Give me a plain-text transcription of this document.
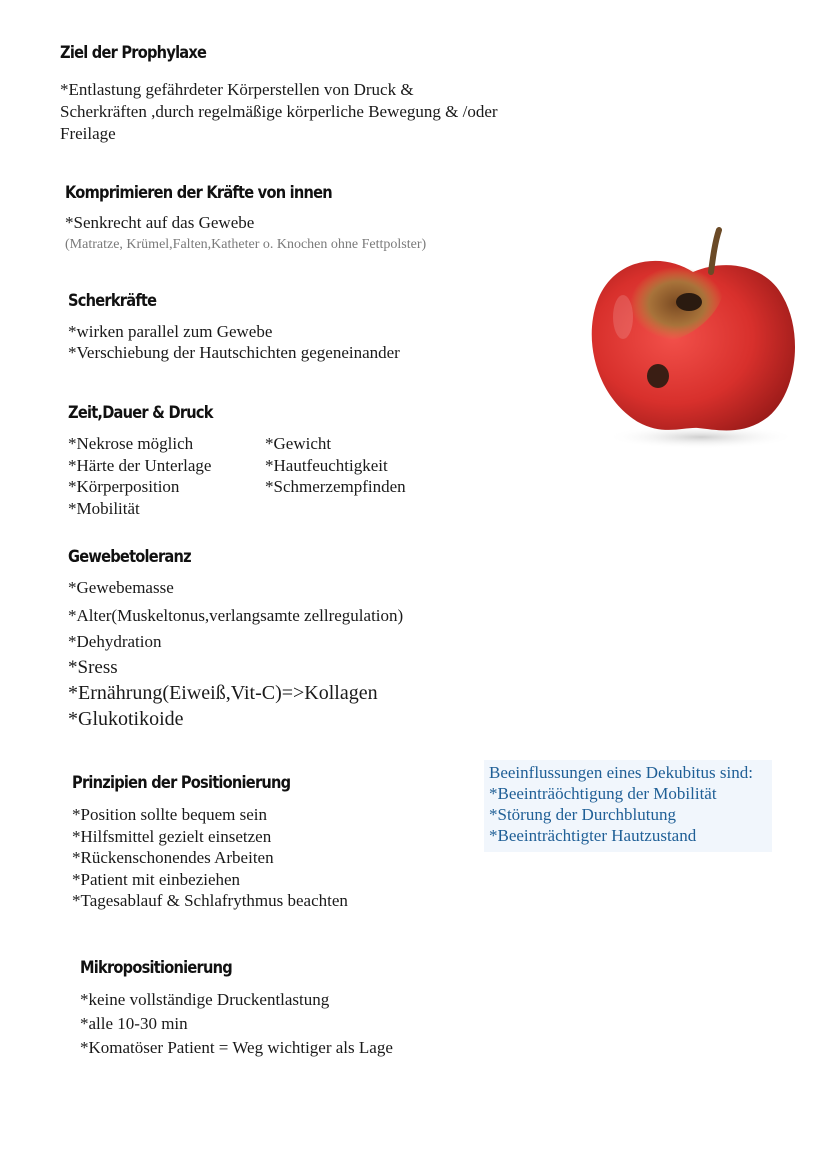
Ziel der Prophylaxe
*Entlastung gefährdeter Körperstellen von Druck &
Scherkräften ,durch regelmäßige körperliche Bewegung & /oder
Freilage
Komprimieren der Kräfte von innen
*Senkrecht auf das Gewebe
(Matratze, Krümel,Falten,Katheter o. Knochen ohne Fettpolster)
Scherkräfte
*wirken parallel zum Gewebe
*Verschiebung der Hautschichten gegeneinander
Zeit,Dauer & Druck
*Nekrose möglich
*Härte der Unterlage
*Körperposition
*Mobilität
*Gewicht
*Hautfeuchtigkeit
*Schmerzempfinden
Gewebetoleranz
*Gewebemasse
*Alter(Muskeltonus,verlangsamte zellregulation)
*Dehydration
*Sress
*Ernährung(Eiweiß,Vit-C)=>Kollagen
*Glukotikoide
Prinzipien der Positionierung
*Position sollte bequem sein
*Hilfsmittel gezielt einsetzen
*Rückenschonendes Arbeiten
*Patient mit einbeziehen
*Tagesablauf & Schlafrythmus beachten
Mikropositionierung
*keine vollständige Druckentlastung
*alle 10-30 min
*Komatöser Patient = Weg wichtiger als Lage
Beeinflussungen eines Dekubitus sind:
*Beeinträöchtigung der Mobilität
*Störung der Durchblutung
*Beeinträchtigter Hautzustand
